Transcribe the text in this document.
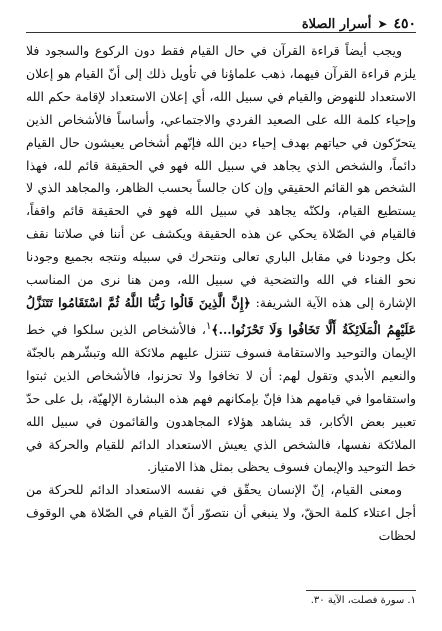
٤٥٠
➤
أسرار الصلاة

ويجب أيضاً قراءة القرآن في حال القيام فقط دون الركوع والسجود فلا يلزم قراءة القرآن فيهما، ذهب علماؤنا في تأويل ذلك إلى أنّ القيام هو إعلان الاستعداد للنهوض والقيام في سبيل الله، أي إعلان الاستعداد لإقامة حكم الله وإحياء كلمة الله على الصعيد الفردي والاجتماعي، وأساساً فالأشخاص الذين يتحرّكون في حياتهم بهدف إحياء دين الله فإنّهم أشخاص يعيشون حال القيام دائماً، والشخص الذي يجاهد في سبيل الله فهو في الحقيقة قائم لله، فهذا الشخص هو القائم الحقيقي وإن كان جالساً بحسب الظاهر، والمجاهد الذي لا يستطيع القيام، ولكنّه يجاهد في سبيل الله فهو في الحقيقة قائم واقفاً، فالقيام في الصّلاة يحكي عن هذه الحقيقة ويكشف عن أننا في صلاتنا نقف بكل وجودنا في مقابل الباري تعالى ونتحرك في سبيله ونتجه بجميع وجودنا نحو الفناء في الله والتضحية في سبيل الله، ومن هنا نرى من المناسب الإشارة إلى هذه الآية الشريفة: ﴿إِنَّ الَّذِينَ قَالُوا رَبُّنَا اللَّهُ ثُمَّ اسْتَقَامُوا تَتَنَزَّلُ عَلَيْهِمُ الْمَلَائِكَةُ أَلَّا تَخَافُوا وَلَا تَحْزَنُوا...﴾$^١$، فالأشخاص الذين سلكوا في خط الإيمان والتوحيد والاستقامة فسوف تتنزل عليهم ملائكة الله وتبشّرهم بالجنّة والنعيم الأبدي وتقول لهم: أن لا تخافوا ولا تحزنوا، فالأشخاص الذين ثبتوا واستقاموا في قيامهم هذا فإنّ بإمكانهم فهم هذه البشارة الإلهيّة، بل على حدّ تعبير بعض الأكابر، قد يشاهد هؤلاء المجاهدون والقائمون في سبيل الله الملائكة نفسها، فالشخص الذي يعيش الاستعداد الدائم للقيام والحركة في خط التوحيد والإيمان فسوف يحظى بمثل هذا الامتياز.

ومعنى القيام، إنّ الإنسان يحقّق في نفسه الاستعداد الدائم للحركة من أجل اعتلاء كلمة الحقّ، ولا ينبغي أن نتصوّر أنّ القيام في الصّلاة هي الوقوف لحظات

١. سورة فصلت، الآية ٣٠.
